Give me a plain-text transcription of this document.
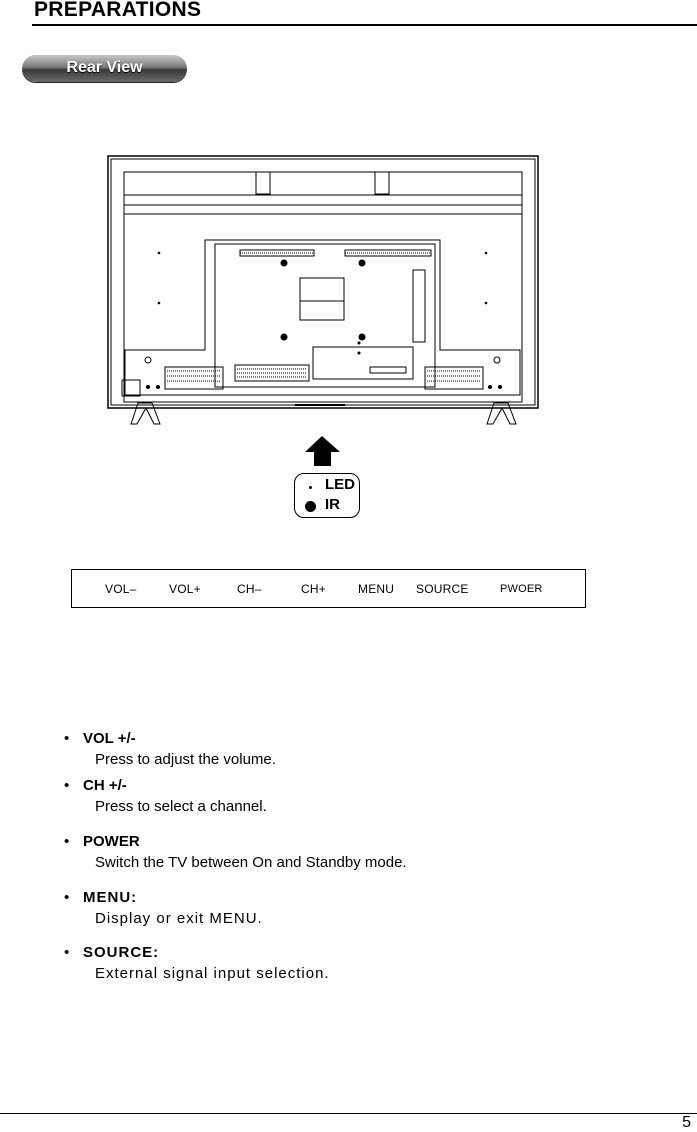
PREPARATIONS
Rear View
LED
IR
VOL–	VOL+	CH–	CH+	MENU SOURCE	PWOER
• VOL +/-
Press to adjust the volume.
• CH +/-
Press to select a channel.
• POWER
Switch the TV between On and Standby mode.
• MENU:
Display or exit MENU.
• SOURCE:
External signal input selection.
5
